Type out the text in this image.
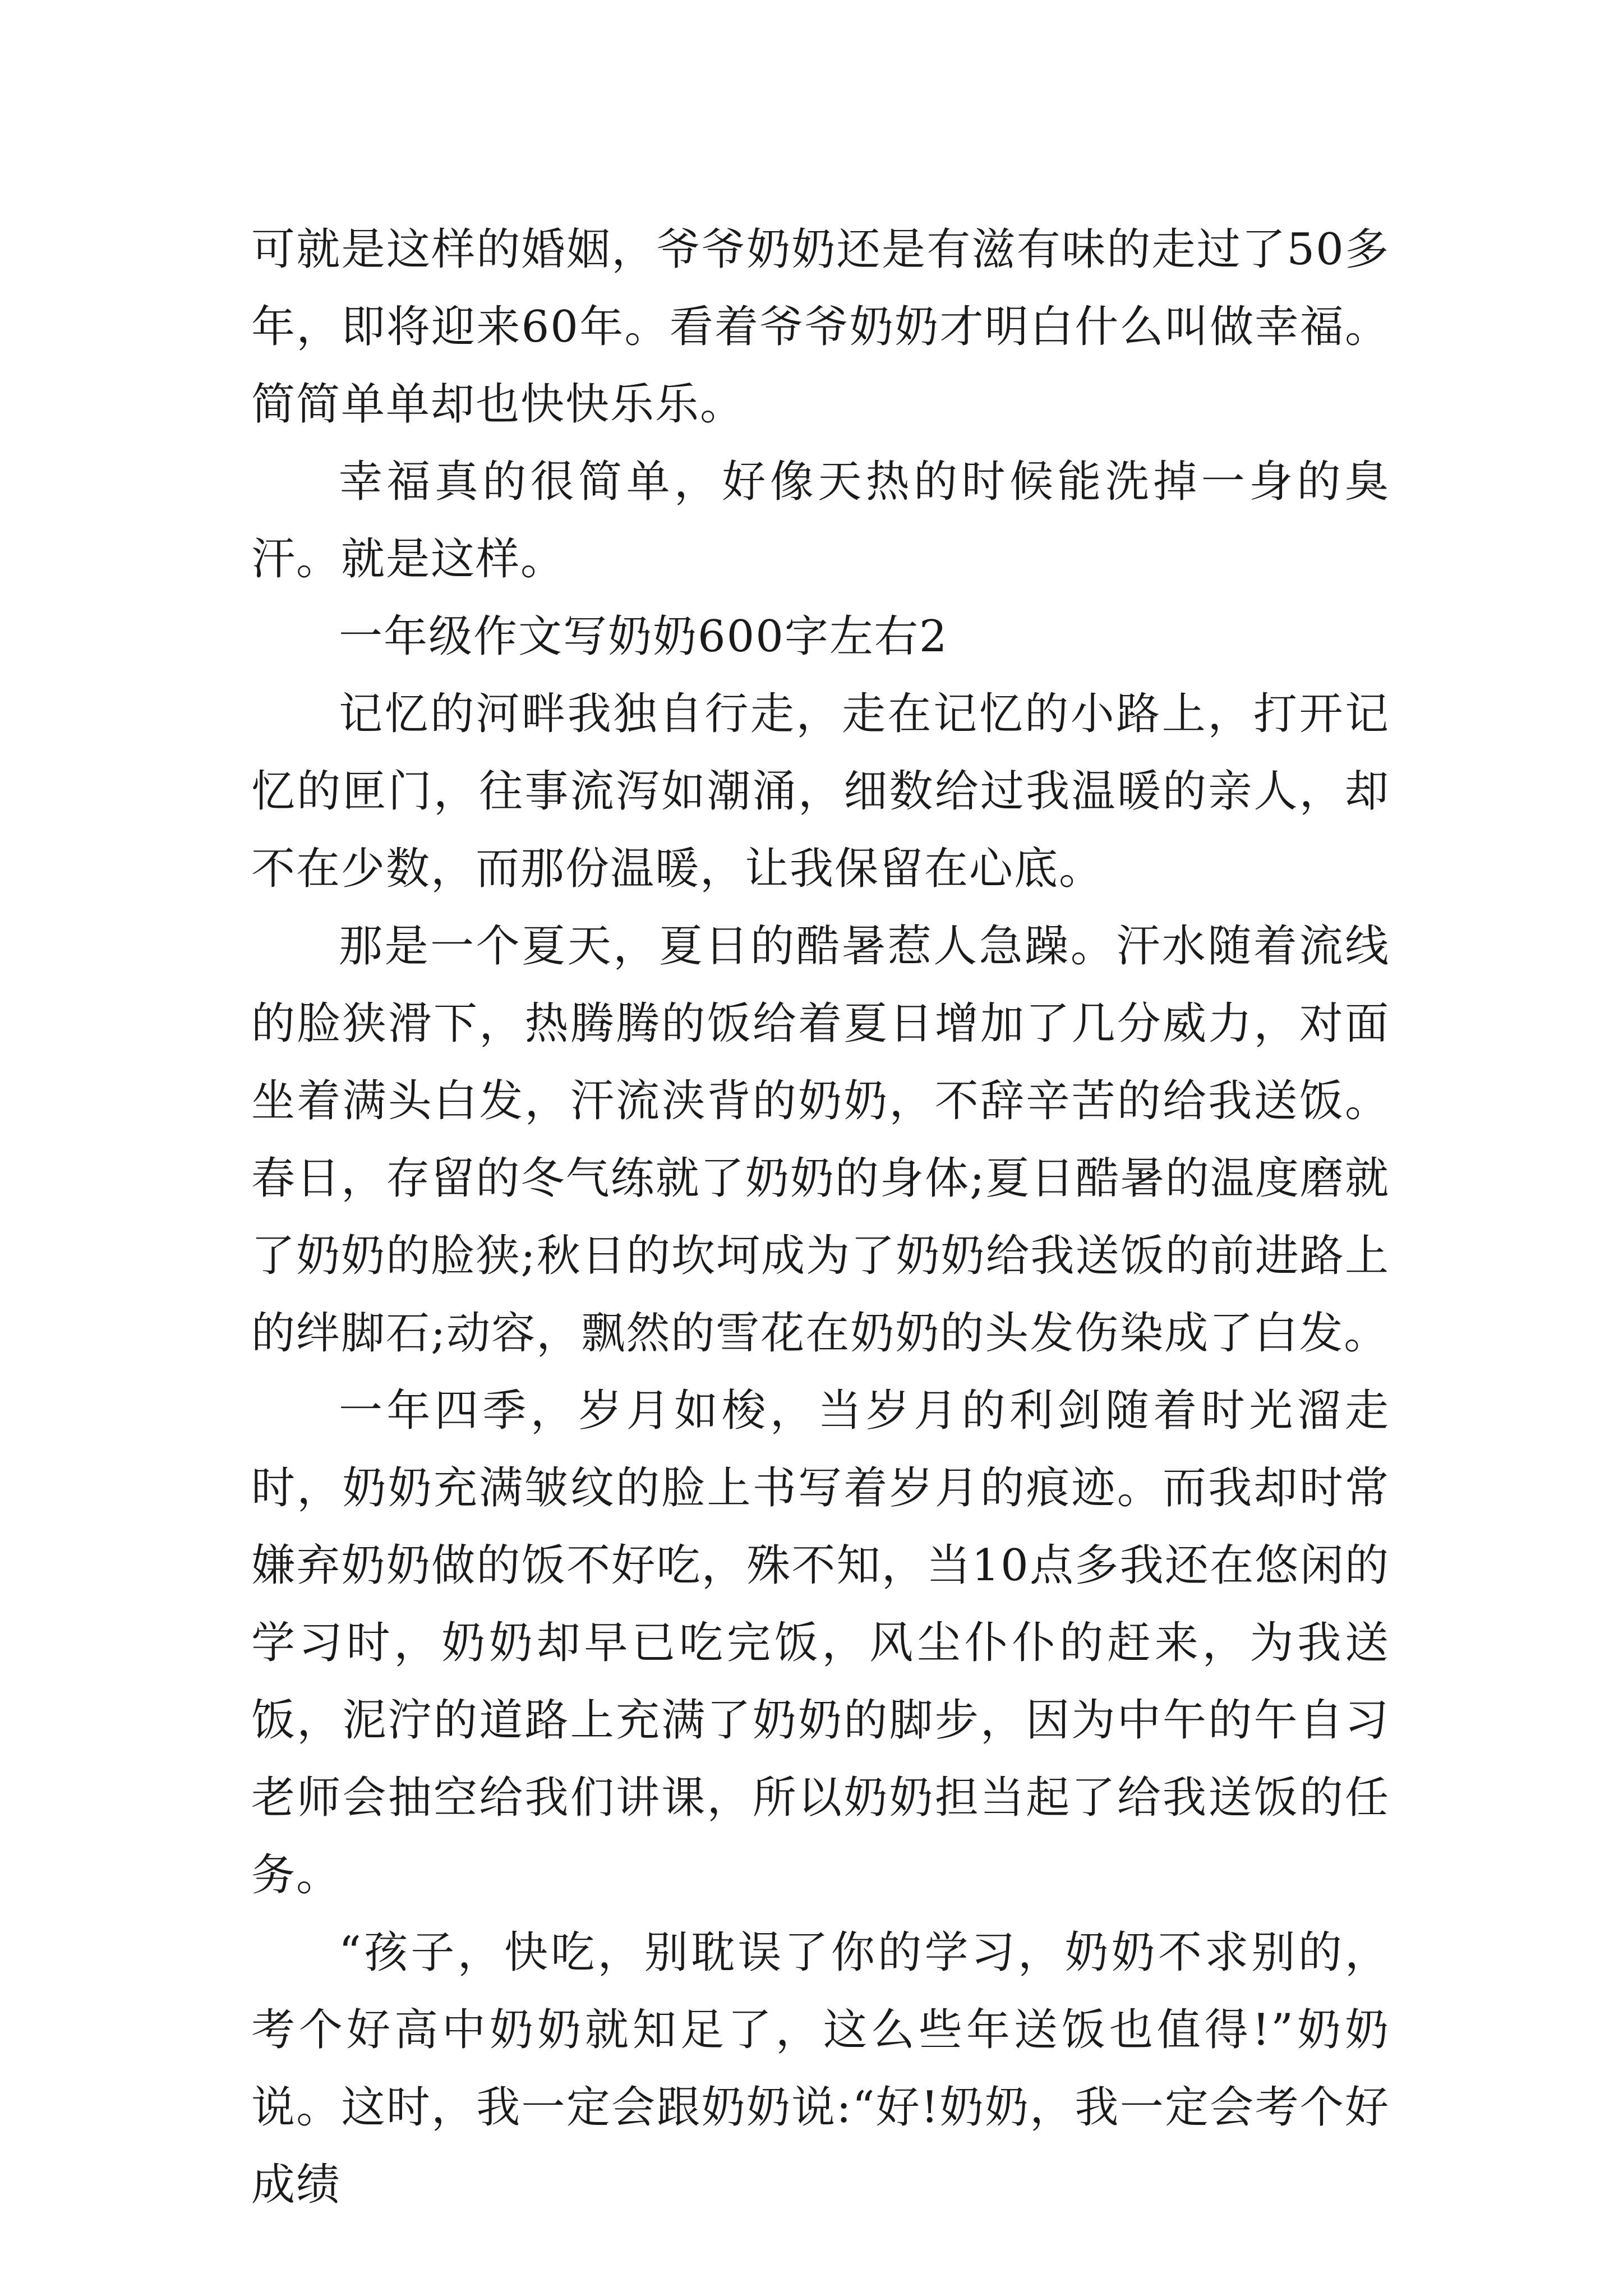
可就是这样的婚姻，爷爷奶奶还是有滋有味的走过了50多年，即将迎来60年。看着爷爷奶奶才明白什么叫做幸福。简简单单却也快快乐乐。

幸福真的很简单，好像天热的时候能洗掉一身的臭汗。就是这样。

一年级作文写奶奶600字左右2

记忆的河畔我独自行走，走在记忆的小路上，打开记忆的匣门，往事流泻如潮涌，细数给过我温暖的亲人，却不在少数，而那份温暖，让我保留在心底。

那是一个夏天，夏日的酷暑惹人急躁。汗水随着流线的脸狭滑下，热腾腾的饭给着夏日增加了几分威力，对面坐着满头白发，汗流浃背的奶奶，不辞辛苦的给我送饭。春日，存留的冬气练就了奶奶的身体;夏日酷暑的温度磨就了奶奶的脸狭;秋日的坎坷成为了奶奶给我送饭的前进路上的绊脚石;动容，飘然的雪花在奶奶的头发伤染成了白发。

一年四季，岁月如梭，当岁月的利剑随着时光溜走时，奶奶充满皱纹的脸上书写着岁月的痕迹。而我却时常嫌弃奶奶做的饭不好吃，殊不知，当10点多我还在悠闲的学习时，奶奶却早已吃完饭，风尘仆仆的赶来，为我送饭，泥泞的道路上充满了奶奶的脚步，因为中午的午自习老师会抽空给我们讲课，所以奶奶担当起了给我送饭的任务。

“孩子，快吃，别耽误了你的学习，奶奶不求别的，考个好高中奶奶就知足了，这么些年送饭也值得!”奶奶说。这时，我一定会跟奶奶说:“好!奶奶，我一定会考个好成绩
